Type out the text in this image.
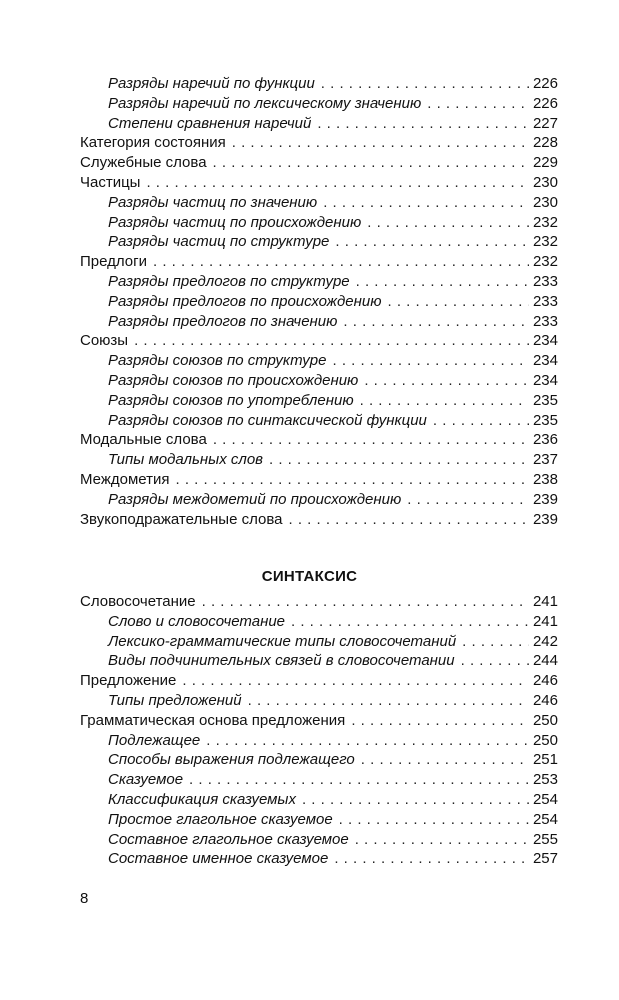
Разряды наречий по функции . . .	226
Разряды наречий по лексическому значению . . .	226
Степени сравнения наречий . . .	227
Категория состояния . . .	228
Служебные слова . . .	229
Частицы . . .	230
Разряды частиц по значению . . .	230
Разряды частиц по происхождению . . .	232
Разряды частиц по структуре . . .	232
Предлоги . . .	232
Разряды предлогов по структуре . . .	233
Разряды предлогов по происхождению . . .	233
Разряды предлогов по значению . . .	233
Союзы . . .	234
Разряды союзов по структуре . . .	234
Разряды союзов по происхождению . . .	234
Разряды союзов по употреблению . . .	235
Разряды союзов по синтаксической функции . . .	235
Модальные слова . . .	236
Типы модальных слов . . .	237
Междометия . . .	238
Разряды междометий по происхождению . . .	239
Звукоподражательные слова . . .	239
СИНТАКСИС
Словосочетание . . .	241
Слово и словосочетание . . .	241
Лексико-грамматические типы словосочетаний . . .	242
Виды подчинительных связей в словосочетании . . .	244
Предложение . . .	246
Типы предложений . . .	246
Грамматическая основа предложения . . .	250
Подлежащее . . .	250
Способы выражения подлежащего . . .	251
Сказуемое . . .	253
Классификация сказуемых . . .	254
Простое глагольное сказуемое . . .	254
Составное глагольное сказуемое . . .	255
Составное именное сказуемое . . .	257
8
